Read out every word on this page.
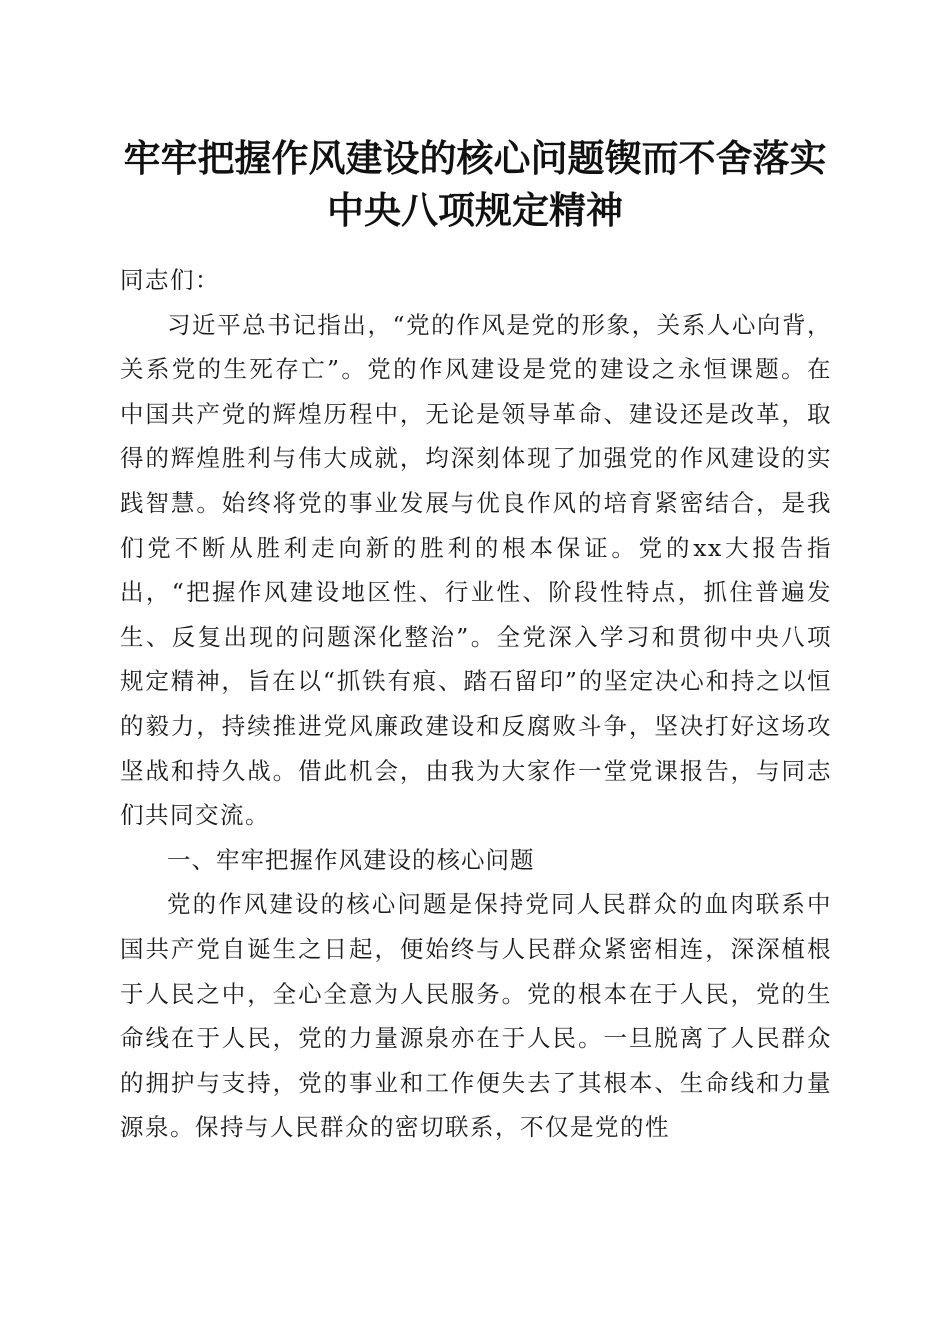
牢牢把握作风建设的核心问题锲而不舍落实中央八项规定精神

同志们：

习近平总书记指出，“党的作风是党的形象，关系人心向背，关系党的生死存亡”。党的作风建设是党的建设之永恒课题。在中国共产党的辉煌历程中，无论是领导革命、建设还是改革，取得的辉煌胜利与伟大成就，均深刻体现了加强党的作风建设的实践智慧。始终将党的事业发展与优良作风的培育紧密结合，是我们党不断从胜利走向新的胜利的根本保证。党的xx大报告指出，“把握作风建设地区性、行业性、阶段性特点，抓住普遍发生、反复出现的问题深化整治”。全党深入学习和贯彻中央八项规定精神，旨在以“抓铁有痕、踏石留印”的坚定决心和持之以恒的毅力，持续推进党风廉政建设和反腐败斗争，坚决打好这场攻坚战和持久战。借此机会，由我为大家作一堂党课报告，与同志们共同交流。

一、牢牢把握作风建设的核心问题

党的作风建设的核心问题是保持党同人民群众的血肉联系中国共产党自诞生之日起，便始终与人民群众紧密相连，深深植根于人民之中，全心全意为人民服务。党的根本在于人民，党的生命线在于人民，党的力量源泉亦在于人民。一旦脱离了人民群众的拥护与支持，党的事业和工作便失去了其根本、生命线和力量源泉。保持与人民群众的密切联系，不仅是党的性
